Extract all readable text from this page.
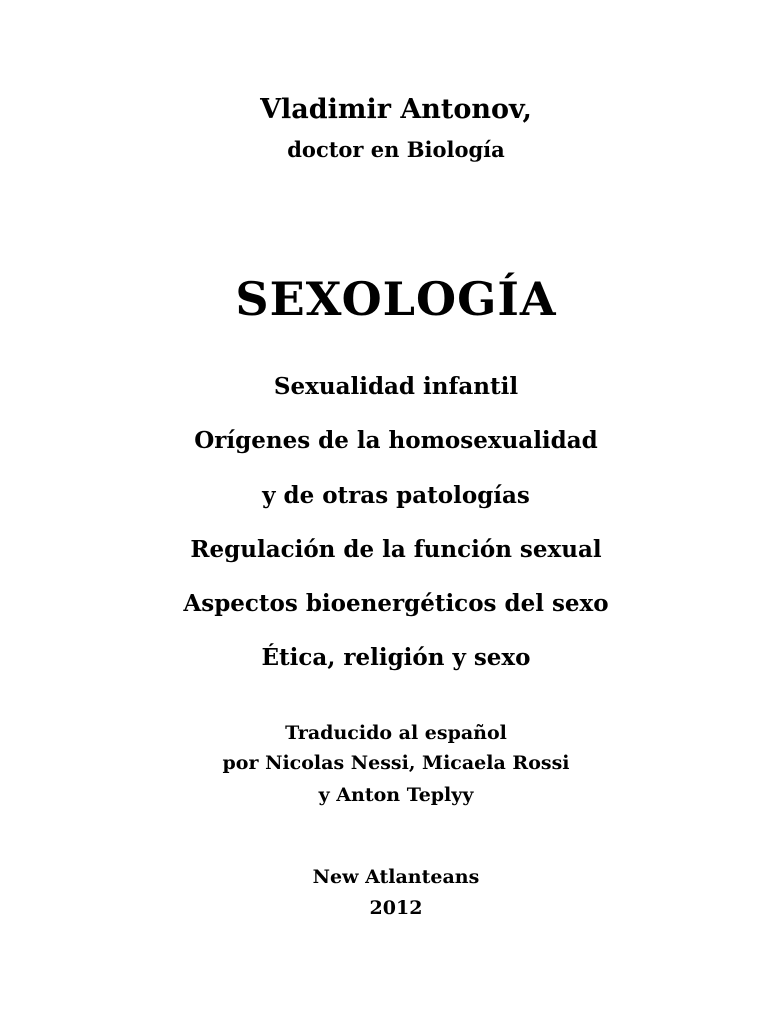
Vladimir Antonov,

doctor en Biología

SEXOLOGÍA

Sexualidad infantil

Orígenes de la homosexualidad

y de otras patologías

Regulación de la función sexual

Aspectos bioenergéticos del sexo

Ética, religión y sexo

Traducido al español

por Nicolas Nessi, Micaela Rossi

y Anton Teplyy

New Atlanteans

2012
